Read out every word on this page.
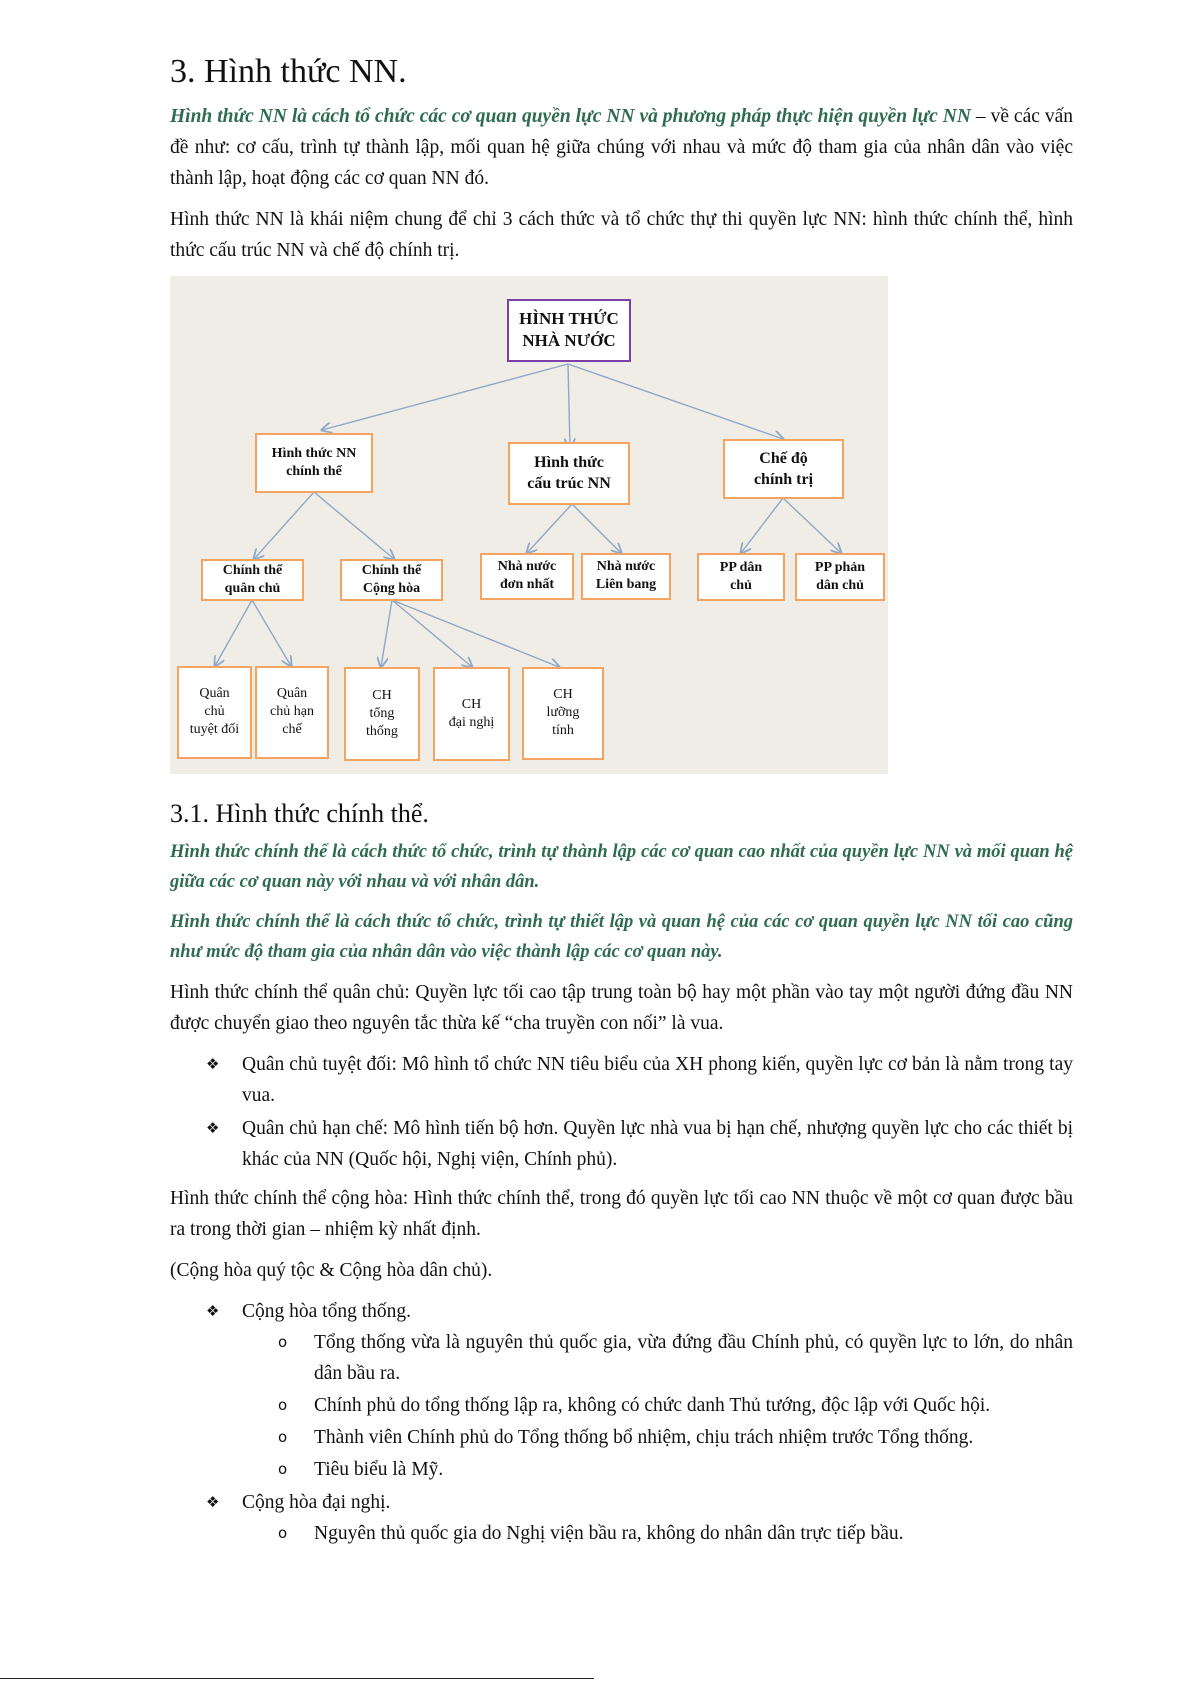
3. Hình thức NN.

Hình thức NN là cách tổ chức các cơ quan quyền lực NN và phương pháp thực hiện quyền lực NN – về các vấn đề như: cơ cấu, trình tự thành lập, mối quan hệ giữa chúng với nhau và mức độ tham gia của nhân dân vào việc thành lập, hoạt động các cơ quan NN đó.

Hình thức NN là khái niệm chung để chỉ 3 cách thức và tổ chức thự thi quyền lực NN: hình thức chính thể, hình thức cấu trúc NN và chế độ chính trị.

HÌNH THỨC
NHÀ NƯỚC
Hình thức NN
chính thể	Hình thức
cấu trúc NN
Chế độ
chính trị
Chính thể
quân chủ
Chính thể
Cộng hòa
Nhà nước
đơn nhất
Nhà nước
Liên bang
PP dân
chủ
PP phản
dân chủ
Quân
chủ
tuyệt đối
Quân
chủ hạn
chế
CH
tổng
thống
CH
đại nghị
CH
lưỡng
tính
3.1. Hình thức chính thể.

Hình thức chính thể là cách thức tổ chức, trình tự thành lập các cơ quan cao nhất của quyền lực NN và mối quan hệ giữa các cơ quan này với nhau và với nhân dân.

Hình thức chính thể là cách thức tổ chức, trình tự thiết lập và quan hệ của các cơ quan quyền lực NN tối cao cũng như mức độ tham gia của nhân dân vào việc thành lập các cơ quan này.

Hình thức chính thể quân chủ: Quyền lực tối cao tập trung toàn bộ hay một phần vào tay một người đứng đầu NN được chuyển giao theo nguyên tắc thừa kế “cha truyền con nối” là vua.

❖ Quân chủ tuyệt đối: Mô hình tổ chức NN tiêu biểu của XH phong kiến, quyền lực cơ bản là nằm trong tay vua.
❖ Quân chủ hạn chế: Mô hình tiến bộ hơn. Quyền lực nhà vua bị hạn chế, nhượng quyền lực cho các thiết bị khác của NN (Quốc hội, Nghị viện, Chính phủ).

Hình thức chính thể cộng hòa: Hình thức chính thể, trong đó quyền lực tối cao NN thuộc về một cơ quan được bầu ra trong thời gian – nhiệm kỳ nhất định.

(Cộng hòa quý tộc & Cộng hòa dân chủ).

❖ Cộng hòa tổng thống.
o Tổng thống vừa là nguyên thủ quốc gia, vừa đứng đầu Chính phủ, có quyền lực to lớn, do nhân dân bầu ra.
o Chính phủ do tổng thống lập ra, không có chức danh Thủ tướng, độc lập với Quốc hội.
o Thành viên Chính phủ do Tổng thống bổ nhiệm, chịu trách nhiệm trước Tổng thống.
o Tiêu biểu là Mỹ.
❖ Cộng hòa đại nghị.
o Nguyên thủ quốc gia do Nghị viện bầu ra, không do nhân dân trực tiếp bầu.
